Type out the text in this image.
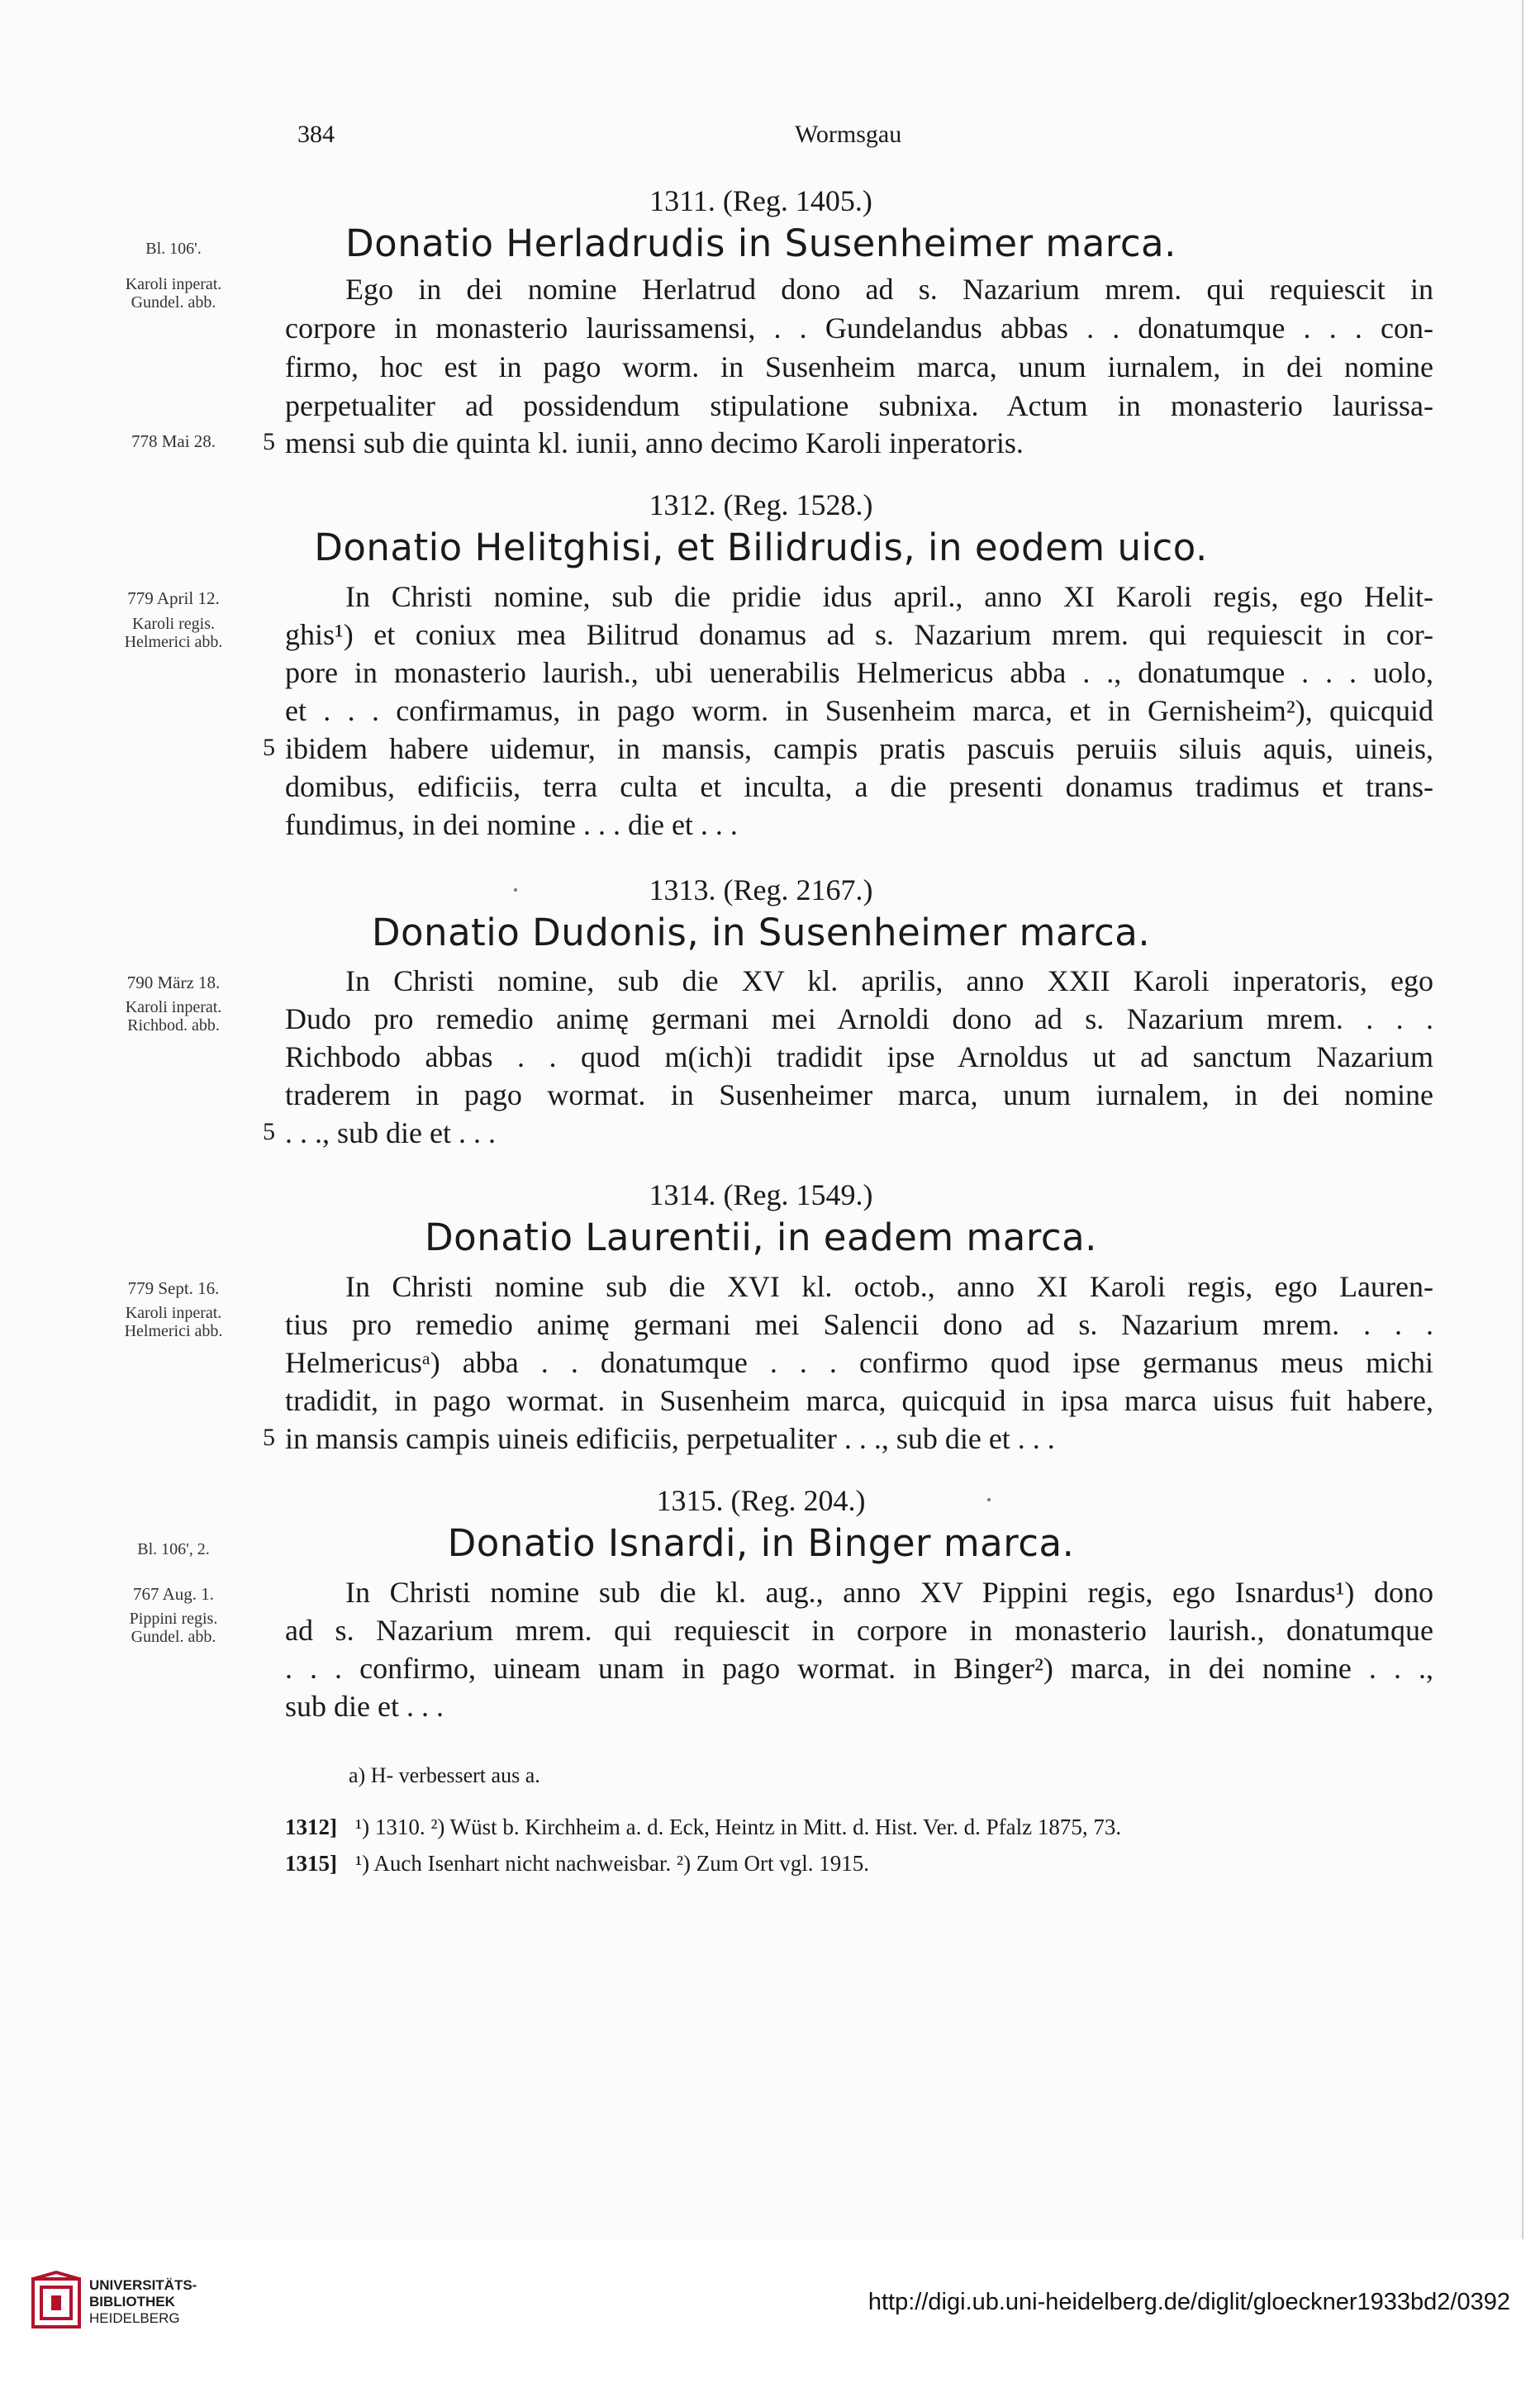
384	Wormsgau
1311. (Reg. 1405.)
Bl. 106'.	Donatio Herladrudis in Susenheimer marca.
Karoli inperat.
Gundel. abb.	Ego in dei nomine Herlatrud dono ad s. Nazarium mrem. qui requiescit in
corpore in monasterio laurissamensi, . . Gundelandus abbas . . donatumque . . . con-
firmo, hoc est in pago worm. in Susenheim marca, unum iurnalem, in dei nomine
perpetualiter ad possidendum stipulatione subnixa. Actum in monasterio laurissa-
778 Mai 28.	5 mensi sub die quinta kl. iunii, anno decimo Karoli inperatoris.
1312. (Reg. 1528.)
Donatio Helitghisi, et Bilidrudis, in eodem uico.
779 April 12.
Karoli regis.
Helmerici abb.
In Christi nomine, sub die pridie idus april., anno XI Karoli regis, ego Helit-
ghis¹) et coniux mea Bilitrud donamus ad s. Nazarium mrem. qui requiescit in cor-
pore in monasterio laurish., ubi uenerabilis Helmericus abba . ., donatumque . . . uolo,
et . . . confirmamus, in pago worm. in Susenheim marca, et in Gernisheim²), quicquid
5 ibidem habere uidemur, in mansis, campis pratis pascuis peruiis siluis aquis, uineis,
domibus, edificiis, terra culta et inculta, a die presenti donamus tradimus et trans-
fundimus, in dei nomine . . . die et . . .
1313. (Reg. 2167.)
Donatio Dudonis, in Susenheimer marca.
790 März 18.
Karoli inperat.
Richbod. abb.
In Christi nomine, sub die XV kl. aprilis, anno XXII Karoli inperatoris, ego
Dudo pro remedio animę germani mei Arnoldi dono ad s. Nazarium mrem. . . .
Richbodo abbas . . quod m(ich)i tradidit ipse Arnoldus ut ad sanctum Nazarium
traderem in pago wormat. in Susenheimer marca, unum iurnalem, in dei nomine
5 . . ., sub die et . . .
1314. (Reg. 1549.)
Donatio Laurentii, in eadem marca.
779 Sept. 16.
Karoli inperat.
Helmerici abb.
In Christi nomine sub die XVI kl. octob., anno XI Karoli regis, ego Lauren-
tius pro remedio animę germani mei Salencii dono ad s. Nazarium mrem. . . .
Helmericusᵃ) abba . . donatumque . . . confirmo quod ipse germanus meus michi
tradidit, in pago wormat. in Susenheim marca, quicquid in ipsa marca uisus fuit habere,
5 in mansis campis uineis edificiis, perpetualiter . . ., sub die et . . .
1315. (Reg. 204.)
Bl. 106', 2.	Donatio Isnardi, in Binger marca.
767 Aug. 1.
Pippini regis.
Gundel. abb.
In Christi nomine sub die kl. aug., anno XV Pippini regis, ego Isnardus¹) dono
ad s. Nazarium mrem. qui requiescit in corpore in monasterio laurish., donatumque
. . . confirmo, uineam unam in pago wormat. in Binger²) marca, in dei nomine . . .,
sub die et . . .
a) H- verbessert aus a.
1312] ¹) 1310. ²) Wüst b. Kirchheim a. d. Eck, Heintz in Mitt. d. Hist. Ver. d. Pfalz 1875, 73.
1315] ¹) Auch Isenhart nicht nachweisbar. ²) Zum Ort vgl. 1915.
UNIVERSITÄTS-
BIBLIOTHEK
HEIDELBERG
http://digi.ub.uni-heidelberg.de/diglit/gloeckner1933bd2/0392
